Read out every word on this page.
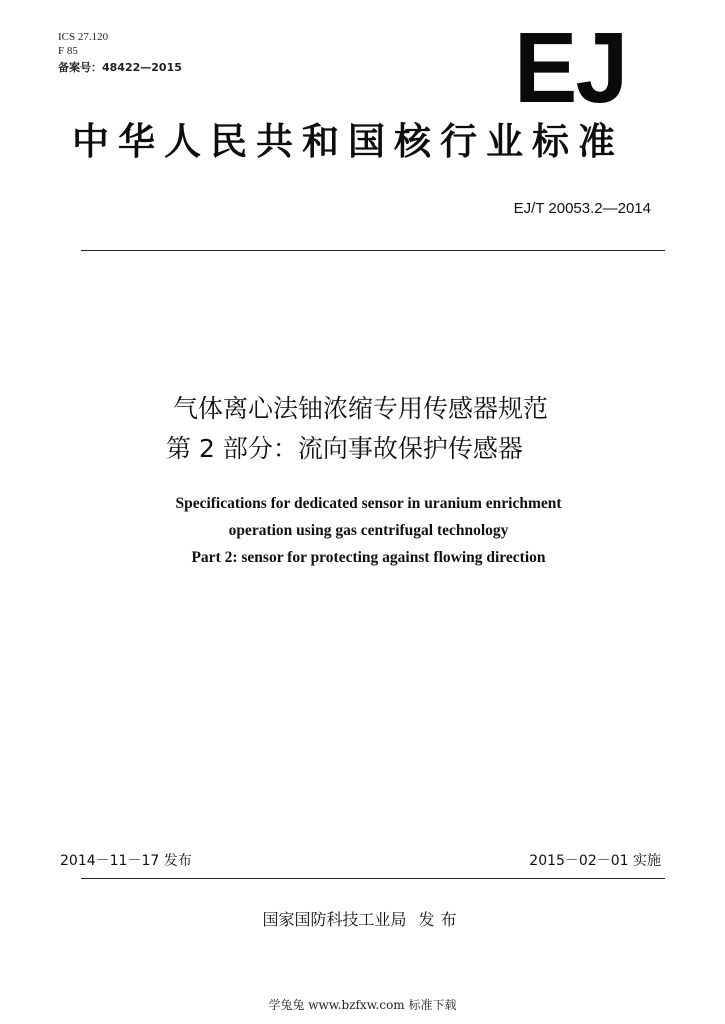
ICS 27.120
F 85
备案号：48422—2015	EJ
中华人民共和国核行业标准
EJ/T 20053.2—2014
气体离心法铀浓缩专用传感器规范
第 2 部分：流向事故保护传感器
Specifications for dedicated sensor in uranium enrichment
operation using gas centrifugal technology
Part 2: sensor for protecting against flowing direction
2014－11－17 发布	2015－02－01 实施
国家国防科技工业局 发布
学兔兔 www.bzfxw.com 标准下载
